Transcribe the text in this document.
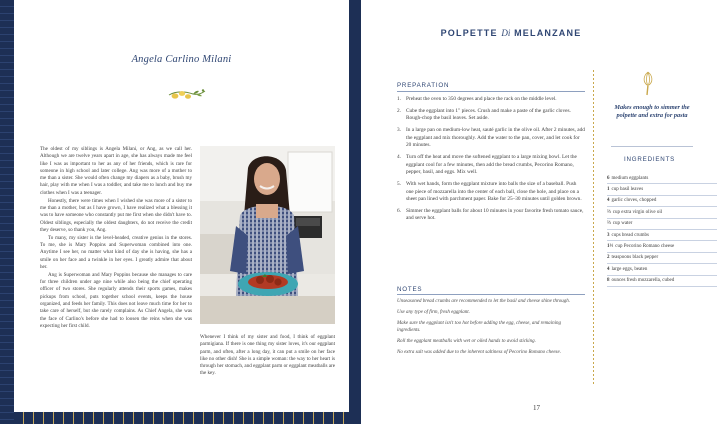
Angela Carlino Milani

The oldest of my siblings is Angela Milani, or Ang, as we call her. Although we are twelve years apart in age, she has always made me feel like I was as important to her as any of her friends, which is rare for someone in high school and later college. Ang was more of a mother to me than a sister. She would often change my diapers as a baby, brush my hair, play with me when I was a toddler, and take me to lunch and buy me clothes when I was a teenager.

Honestly, there were times when I wished she was more of a sister to me than a mother, but as I have grown, I have realized what a blessing it was to have someone who constantly put me first when she didn't have to. Oldest siblings, especially the oldest daughters, do not receive the credit they deserve, so thank you, Ang.

To many, my sister is the level-headed, creative genius in the stores. To me, she is Mary Poppins and Superwoman combined into one. Anytime I see her, no matter what kind of day she is having, she has a smile on her face and a twinkle in her eyes. I greatly admire that about her.

Ang is Superwoman and Mary Poppins because she manages to care for three children under age nine while also being the chief operating officer of two stores. She regularly attends their sports games, makes pickups from school, puts together school events, keeps the house organized, and feeds her family. This does not leave much time for her to take care of herself, but she rarely complains. As Chief Angela, she was the face of Carlino's before she had to loosen the reins when she was expecting her first child.

Whenever I think of my sister and food, I think of eggplant parmigiana. If there is one thing my sister loves, it's our eggplant parm, and often, after a long day, it can put a smile on her face like no other dish! She is a simple woman: the way to her heart is through her stomach, and eggplant parm or eggplant meatballs are the key.

POLPETTE Di MELANZANE
PREPARATION
1. Preheat the oven to 350 degrees and place the rack on the middle level.
2. Cube the eggplant into 1" pieces. Crush and make a paste of the garlic cloves. Rough-chop the basil leaves. Set aside.
3. In a large pan on medium-low heat, sauté garlic in the olive oil. After 2 minutes, add the eggplant and mix thoroughly. Add the water to the pan, cover, and let cook for 20 minutes.
4. Turn off the heat and move the softened eggplant to a large mixing bowl. Let the eggplant cool for a few minutes, then add the bread crumbs, Pecorino Romano, pepper, basil, and eggs. Mix well.
5. With wet hands, form the eggplant mixture into balls the size of a baseball. Push one piece of mozzarella into the center of each ball, close the hole, and place on a sheet pan lined with parchment paper. Bake for 25–30 minutes until golden brown.
6. Simmer the eggplant balls for about 10 minutes in your favorite fresh tomato sauce, and serve hot.
NOTES

Unseasoned bread crumbs are recommended to let the basil and cheese shine through.

Use any type of firm, fresh eggplant.

Make sure the eggplant isn't too hot before adding the egg, cheese, and remaining ingredients.

Roll the eggplant meatballs with wet or oiled hands to avoid sticking.

No extra salt was added due to the inherent saltiness of Pecorino Romano cheese.

17
Makes enough to simmer the polpette and extra for pasta
INGREDIENTS
6 medium eggplants
1 cup basil leaves
4 garlic cloves, chopped
⅔ cup extra virgin olive oil
⅔ cup water
3 cups bread crumbs
1½ cup Pecorino Romano cheese
2 teaspoons black pepper
4 large eggs, beaten
8 ounces fresh mozzarella, cubed
